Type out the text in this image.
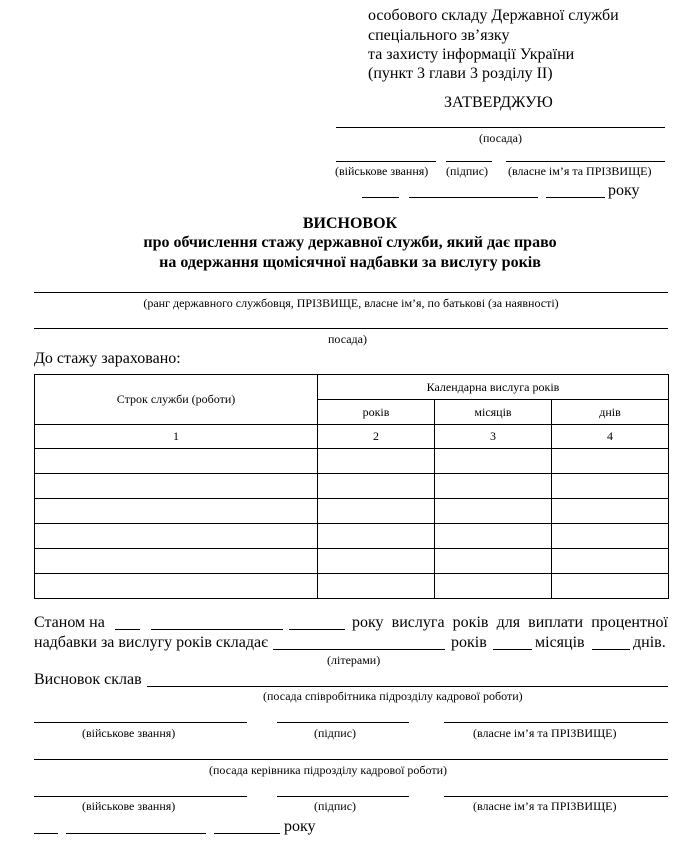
особового складу Державної служби
спеціального зв’язку
та захисту інформації України
(пункт 3 глави 3 розділу II)
ЗАТВЕРДЖУЮ
(посада)
(військове звання) (підпис) (власне ім’я та ПРІЗВИЩЕ)
року
ВИСНОВОК
про обчислення стажу державної служби, який дає право
на одержання щомісячної надбавки за вислугу років
(ранг державного службовця, ПРІЗВИЩЕ, власне ім’я, по батькові (за наявності)
посада)
До стажу зараховано:
Строк служби (роботи)	Календарна вислуга років		
	років	місяців	днів
1	2	3	4

Станом на	року вислуга років для виплати процентної
надбавки за вислугу років складає	років	місяців	днів.
(літерами)
Висновок склав
(посада співробітника підрозділу кадрової роботи)
(військове звання)	(підпис)	(власне ім’я та ПРІЗВИЩЕ)
(посада керівника підрозділу кадрової роботи)
(військове звання)	(підпис)	(власне ім’я та ПРІЗВИЩЕ)
року
